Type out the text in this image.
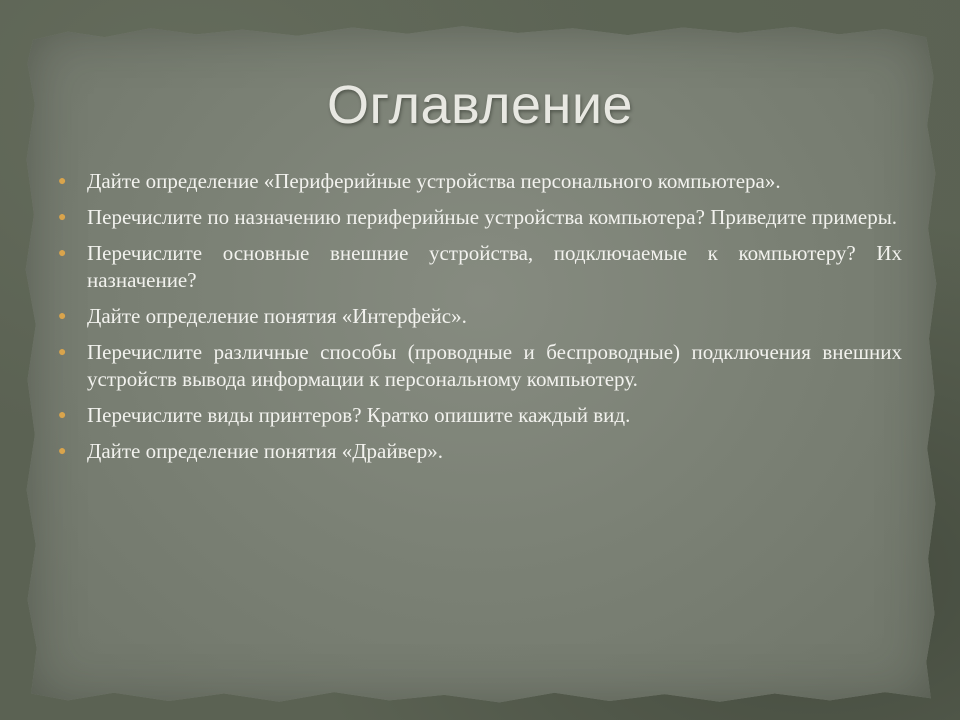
Оглавление
● Дайте определение «Периферийные устройства персонального компьютера».
● Перечислите по назначению периферийные устройства компьютера? Приведите примеры.
● Перечислите основные внешние устройства, подключаемые к компьютеру? Их назначение?
● Дайте определение понятия «Интерфейс».
● Перечислите различные способы (проводные и беспроводные) подключения внешних устройств вывода информации к персональному компьютеру.
● Перечислите виды принтеров? Кратко опишите каждый вид.
● Дайте определение понятия «Драйвер».
